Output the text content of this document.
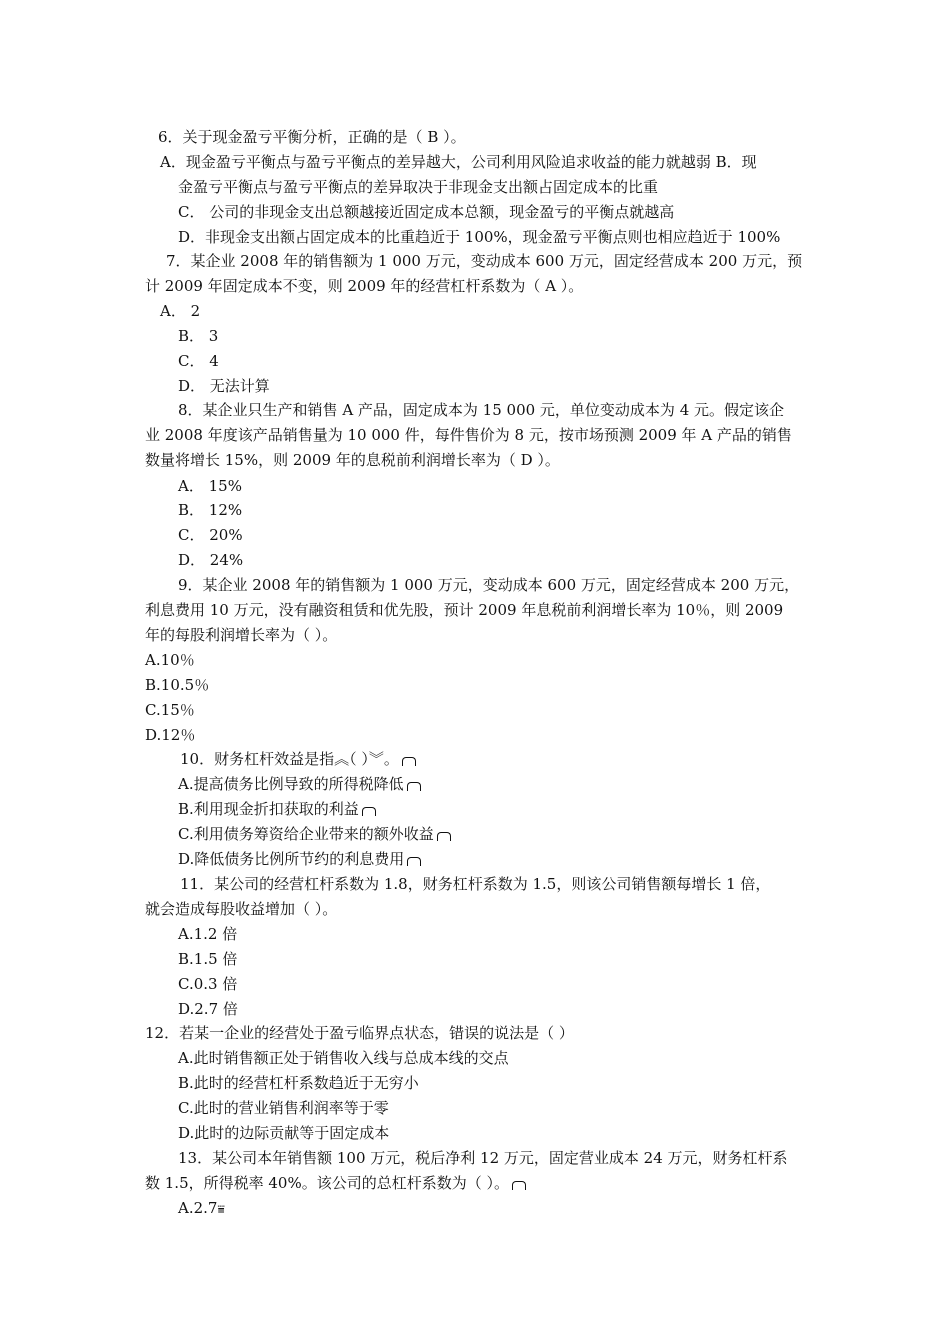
6．关于现金盈亏平衡分析，正确的是（ B ）。
A．现金盈亏平衡点与盈亏平衡点的差异越大，公司利用风险追求收益的能力就越弱 B．现
金盈亏平衡点与盈亏平衡点的差异取决于非现金支出额占固定成本的比重
C． 公司的非现金支出总额越接近固定成本总额，现金盈亏的平衡点就越高
D．非现金支出额占固定成本的比重趋近于 100%，现金盈亏平衡点则也相应趋近于 100%
7．某企业 2008 年的销售额为 1 000 万元，变动成本 600 万元，固定经营成本 200 万元，预
计 2009 年固定成本不变，则 2009 年的经营杠杆系数为（ A ）。
A． 2
B． 3
C． 4
D． 无法计算
8．某企业只生产和销售 A 产品，固定成本为 15 000 元，单位变动成本为 4 元。假定该企
业 2008 年度该产品销售量为 10 000 件，每件售价为 8 元，按市场预测 2009 年 A 产品的销售
数量将增长 15%，则 2009 年的息税前利润增长率为（ D ）。
A． 15%
B． 12%
C． 20%
D． 24%
9．某企业 2008 年的销售额为 1 000 万元，变动成本 600 万元，固定经营成本 200 万元，
利息费用 10 万元，没有融资租赁和优先股，预计 2009 年息税前利润增长率为 10％，则 2009
年的每股利润增长率为（ ）。
A.10％
B.10.5％
C.15％
D.12％
10．财务杠杆效益是指︽（ ）︾。
A.提高债务比例导致的所得税降低
B.利用现金折扣获取的利益
C.利用债务筹资给企业带来的额外收益
D.降低债务比例所节约的利息费用
11．某公司的经营杠杆系数为 1.8，财务杠杆系数为 1.5，则该公司销售额每增长 1 倍，
就会造成每股收益增加（ ）。
A.1.2 倍
B.1.5 倍
C.0.3 倍
D.2.7 倍
12．若某一企业的经营处于盈亏临界点状态，错误的说法是（ ）
A.此时销售额正处于销售收入线与总成本线的交点
B.此时的经营杠杆系数趋近于无穷小
C.此时的营业销售利润率等于零
D.此时的边际贡献等于固定成本
13．某公司本年销售额 100 万元，税后净利 12 万元，固定营业成本 24 万元，财务杠杆系
数 1.5，所得税率 40%。该公司的总杠杆系数为（ ）。
A.2.7⩸
